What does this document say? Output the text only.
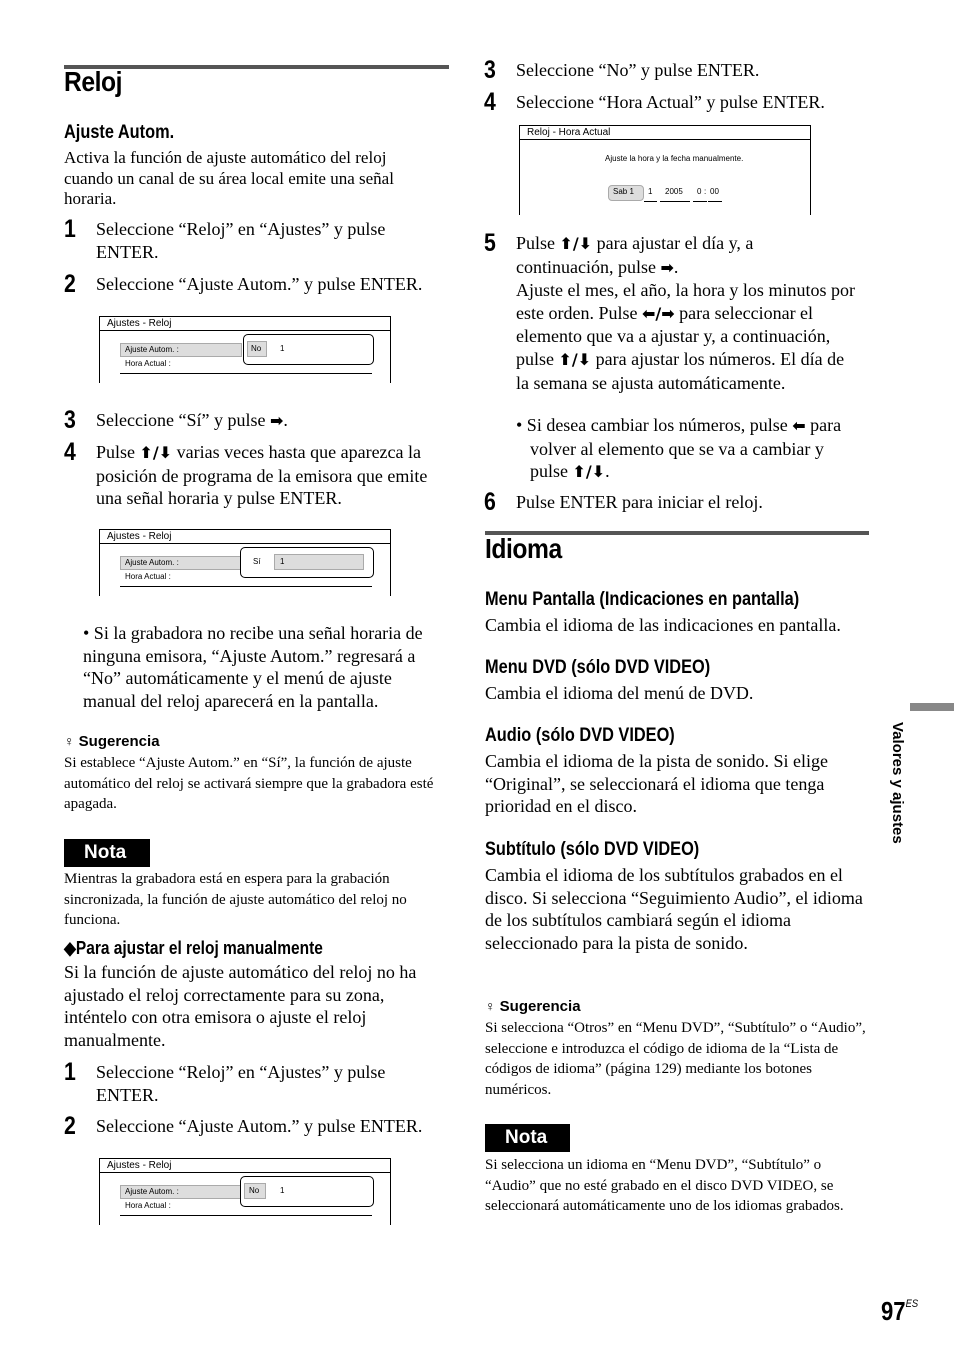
Reloj
Ajuste Autom.
Activa la función de ajuste automático del reloj cuando un canal de su área local emite una señal horaria.
1 Seleccione “Reloj” en “Ajustes” y pulse ENTER.
2 Seleccione “Ajuste Autom.” y pulse ENTER.
Ajustes - Reloj
Ajuste Autom. :
Hora Actual :
No 1
3 Seleccione “Sí” y pulse ➡.
4 Pulse ⬆/⬇ varias veces hasta que aparezca la posición de programa de la emisora que emite una señal horaria y pulse ENTER.
Ajustes - Reloj
Ajuste Autom. :
Hora Actual :
Sí 1
• Si la grabadora no recibe una señal horaria de ninguna emisora, “Ajuste Autom.” regresará a “No” automáticamente y el menú de ajuste manual del reloj aparecerá en la pantalla.
♀ Sugerencia
Si establece “Ajuste Autom.” en “Sí”, la función de ajuste automático del reloj se activará siempre que la grabadora esté apagada.
Nota
Mientras la grabadora está en espera para la grabación sincronizada, la función de ajuste automático del reloj no funciona.
◆Para ajustar el reloj manualmente
Si la función de ajuste automático del reloj no ha ajustado el reloj correctamente para su zona, inténtelo con otra emisora o ajuste el reloj manualmente.
1 Seleccione “Reloj” en “Ajustes” y pulse ENTER.
2 Seleccione “Ajuste Autom.” y pulse ENTER.
Ajustes - Reloj
Ajuste Autom. :
Hora Actual :
No	1
3 Seleccione “No” y pulse ENTER.
4 Seleccione “Hora Actual” y pulse ENTER.
Reloj - Hora Actual
Ajuste la hora y la fecha manualmente.
Sab 1 1 2005 0 : 00
5 Pulse ⬆/⬇ para ajustar el día y, a
continuación, pulse ➡.
Ajuste el mes, el año, la hora y los minutos por
este orden. Pulse ⬅/➡ para seleccionar el
elemento que va a ajustar y, a continuación,
pulse ⬆/⬇ para ajustar los números. El día de
la semana se ajusta automáticamente.
• Si desea cambiar los números, pulse ⬅ para
volver al elemento que se va a cambiar y
pulse ⬆/⬇.
6 Pulse ENTER para iniciar el reloj.
Idioma
Menu Pantalla (Indicaciones en pantalla)
Cambia el idioma de las indicaciones en pantalla.
Menu DVD (sólo DVD VIDEO)
Cambia el idioma del menú de DVD.
Audio (sólo DVD VIDEO)
Cambia el idioma de la pista de sonido. Si elige “Original”, se seleccionará el idioma que tenga prioridad en el disco.
Subtítulo (sólo DVD VIDEO)
Cambia el idioma de los subtítulos grabados en el disco. Si selecciona “Seguimiento Audio”, el idioma de los subtítulos cambiará según el idioma seleccionado para la pista de sonido.
♀ Sugerencia
Si selecciona “Otros” en “Menu DVD”, “Subtítulo” o “Audio”, seleccione e introduzca el código de idioma de la “Lista de códigos de idioma” (página 129) mediante los botones numéricos.
Nota
Si selecciona un idioma en “Menu DVD”, “Subtítulo” o “Audio” que no esté grabado en el disco DVD VIDEO, se seleccionará automáticamente uno de los idiomas grabados.
Valores y ajustes
$97^{ES}$
